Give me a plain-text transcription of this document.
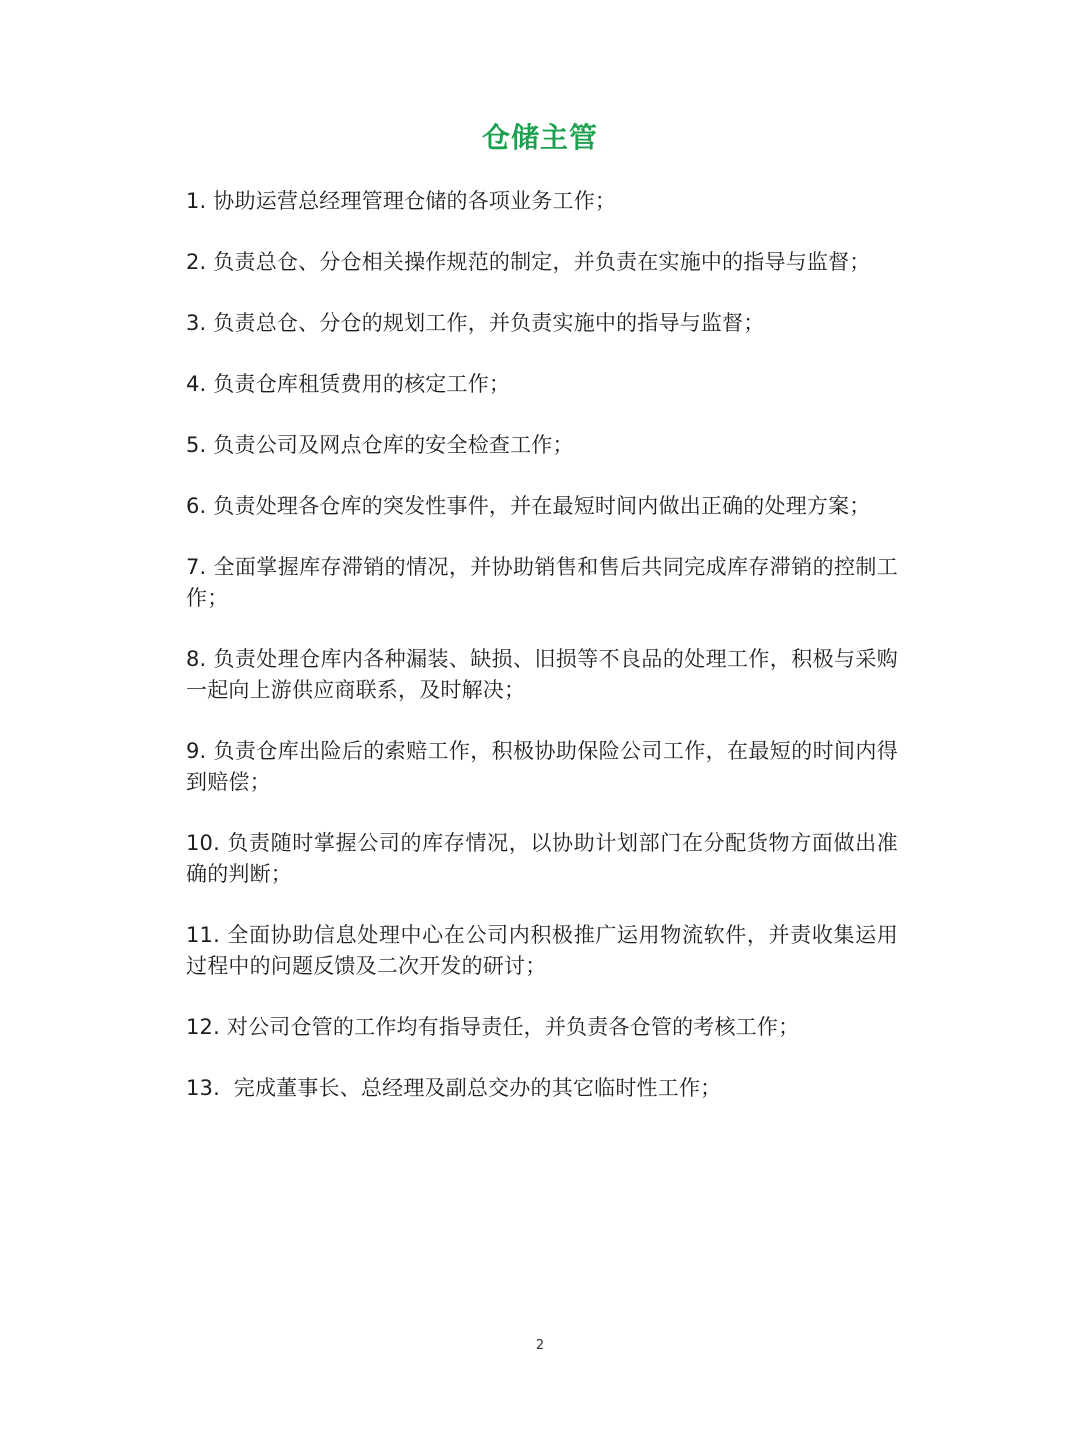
仓储主管
1. 协助运营总经理管理仓储的各项业务工作；
2. 负责总仓、分仓相关操作规范的制定，并负责在实施中的指导与监督；
3. 负责总仓、分仓的规划工作，并负责实施中的指导与监督；
4. 负责仓库租赁费用的核定工作；
5. 负责公司及网点仓库的安全检查工作；
6. 负责处理各仓库的突发性事件，并在最短时间内做出正确的处理方案；
7. 全面掌握库存滞销的情况，并协助销售和售后共同完成库存滞销的控制工作；
8. 负责处理仓库内各种漏装、缺损、旧损等不良品的处理工作，积极与采购一起向上游供应商联系，及时解决；
9. 负责仓库出险后的索赔工作，积极协助保险公司工作，在最短的时间内得到赔偿；
10. 负责随时掌握公司的库存情况，以协助计划部门在分配货物方面做出准确的判断；
11. 全面协助信息处理中心在公司内积极推广运用物流软件，并责收集运用过程中的问题反馈及二次开发的研讨；
12. 对公司仓管的工作均有指导责任，并负责各仓管的考核工作；
13.  完成董事长、总经理及副总交办的其它临时性工作；
2
